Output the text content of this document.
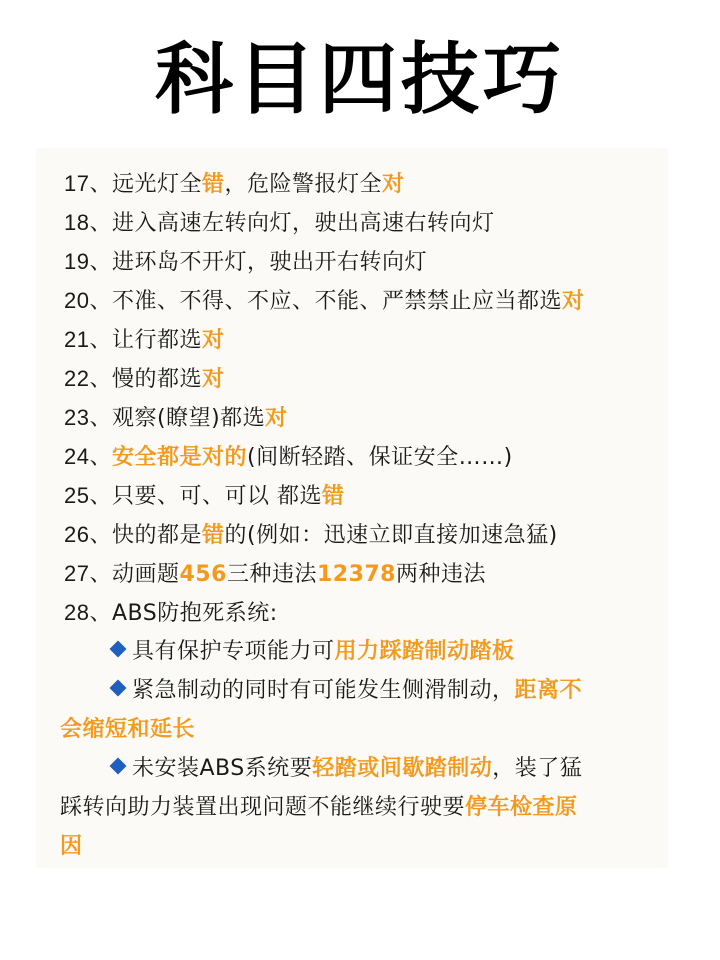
科目四技巧
17、远光灯全错，危险警报灯全对
18、进入高速左转向灯，驶出高速右转向灯
19、进环岛不开灯，驶出开右转向灯
20、不准、不得、不应、不能、严禁禁止应当都选对
21、让行都选对
22、慢的都选对
23、观察(瞭望)都选对
24、安全都是对的(间断轻踏、保证安全……)
25、只要、可、可以 都选错
26、快的都是错的(例如：迅速立即直接加速急猛)
27、动画题456三种违法12378两种违法
28、ABS防抱死系统:
具有保护专项能力可用力踩踏制动踏板
紧急制动的同时有可能发生侧滑制动，距离不
会缩短和延长
未安装ABS系统要轻踏或间歇踏制动，装了猛
踩转向助力装置出现问题不能继续行驶要停车检查原
因
